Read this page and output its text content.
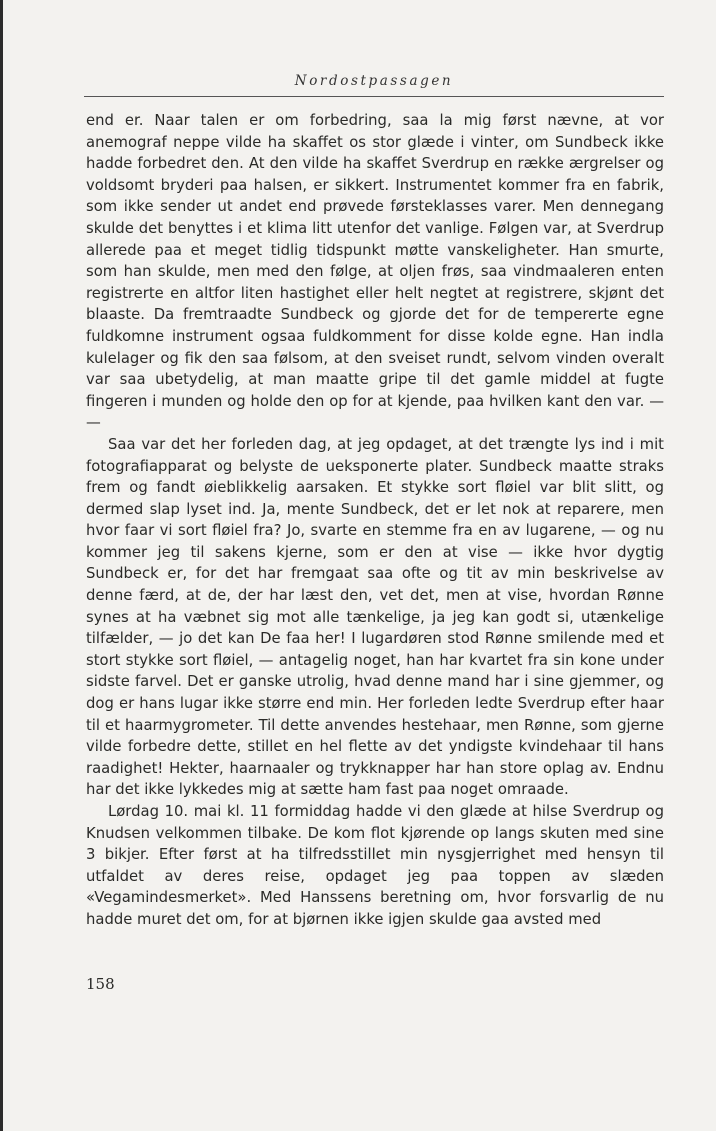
Nordostpassagen

end er. Naar talen er om forbedring, saa la mig først nævne, at vor anemograf neppe vilde ha skaffet os stor glæde i vinter, om Sundbeck ikke hadde forbedret den. At den vilde ha skaffet Sverdrup en række ærgrelser og voldsomt bryderi paa halsen, er sikkert. Instrumentet kommer fra en fabrik, som ikke sender ut andet end prøvede førsteklasses varer. Men dennegang skulde det benyttes i et klima litt utenfor det vanlige. Følgen var, at Sverdrup allerede paa et meget tidlig tidspunkt møtte vanskeligheter. Han smurte, som han skulde, men med den følge, at oljen frøs, saa vindmaaleren enten registrerte en altfor liten hastighet eller helt negtet at registrere, skjønt det blaaste. Da fremtraadte Sundbeck og gjorde det for de tempererte egne fuldkomne instrument ogsaa fuldkomment for disse kolde egne. Han indla kulelager og fik den saa følsom, at den sveiset rundt, selvom vinden overalt var saa ubetydelig, at man maatte gripe til det gamle middel at fugte fingeren i munden og holde den op for at kjende, paa hvilken kant den var. — —

Saa var det her forleden dag, at jeg opdaget, at det trængte lys ind i mit fotografiapparat og belyste de ueksponerte plater. Sundbeck maatte straks frem og fandt øieblikkelig aarsaken. Et stykke sort fløiel var blit slitt, og dermed slap lyset ind. Ja, mente Sundbeck, det er let nok at reparere, men hvor faar vi sort fløiel fra? Jo, svarte en stemme fra en av lugarene, — og nu kommer jeg til sakens kjerne, som er den at vise — ikke hvor dygtig Sundbeck er, for det har fremgaat saa ofte og tit av min beskrivelse av denne færd, at de, der har læst den, vet det, men at vise, hvordan Rønne synes at ha væbnet sig mot alle tænkelige, ja jeg kan godt si, utænkelige tilfælder, — jo det kan De faa her! I lugardøren stod Rønne smilende med et stort stykke sort fløiel, — antagelig noget, han har kvartet fra sin kone under sidste farvel. Det er ganske utrolig, hvad denne mand har i sine gjemmer, og dog er hans lugar ikke større end min. Her forleden ledte Sverdrup efter haar til et haarmygrometer. Til dette anvendes hestehaar, men Rønne, som gjerne vilde forbedre dette, stillet en hel flette av det yndigste kvindehaar til hans raadighet! Hekter, haarnaaler og trykknapper har han store oplag av. Endnu har det ikke lykkedes mig at sætte ham fast paa noget omraade.

Lørdag 10. mai kl. 11 formiddag hadde vi den glæde at hilse Sverdrup og Knudsen velkommen tilbake. De kom flot kjørende op langs skuten med sine 3 bikjer. Efter først at ha tilfredsstillet min nysgjerrighet med hensyn til utfaldet av deres reise, opdaget jeg paa toppen av slæden «Vegamindesmerket». Med Hanssens beretning om, hvor forsvarlig de nu hadde muret det om, for at bjørnen ikke igjen skulde gaa avsted med

158
